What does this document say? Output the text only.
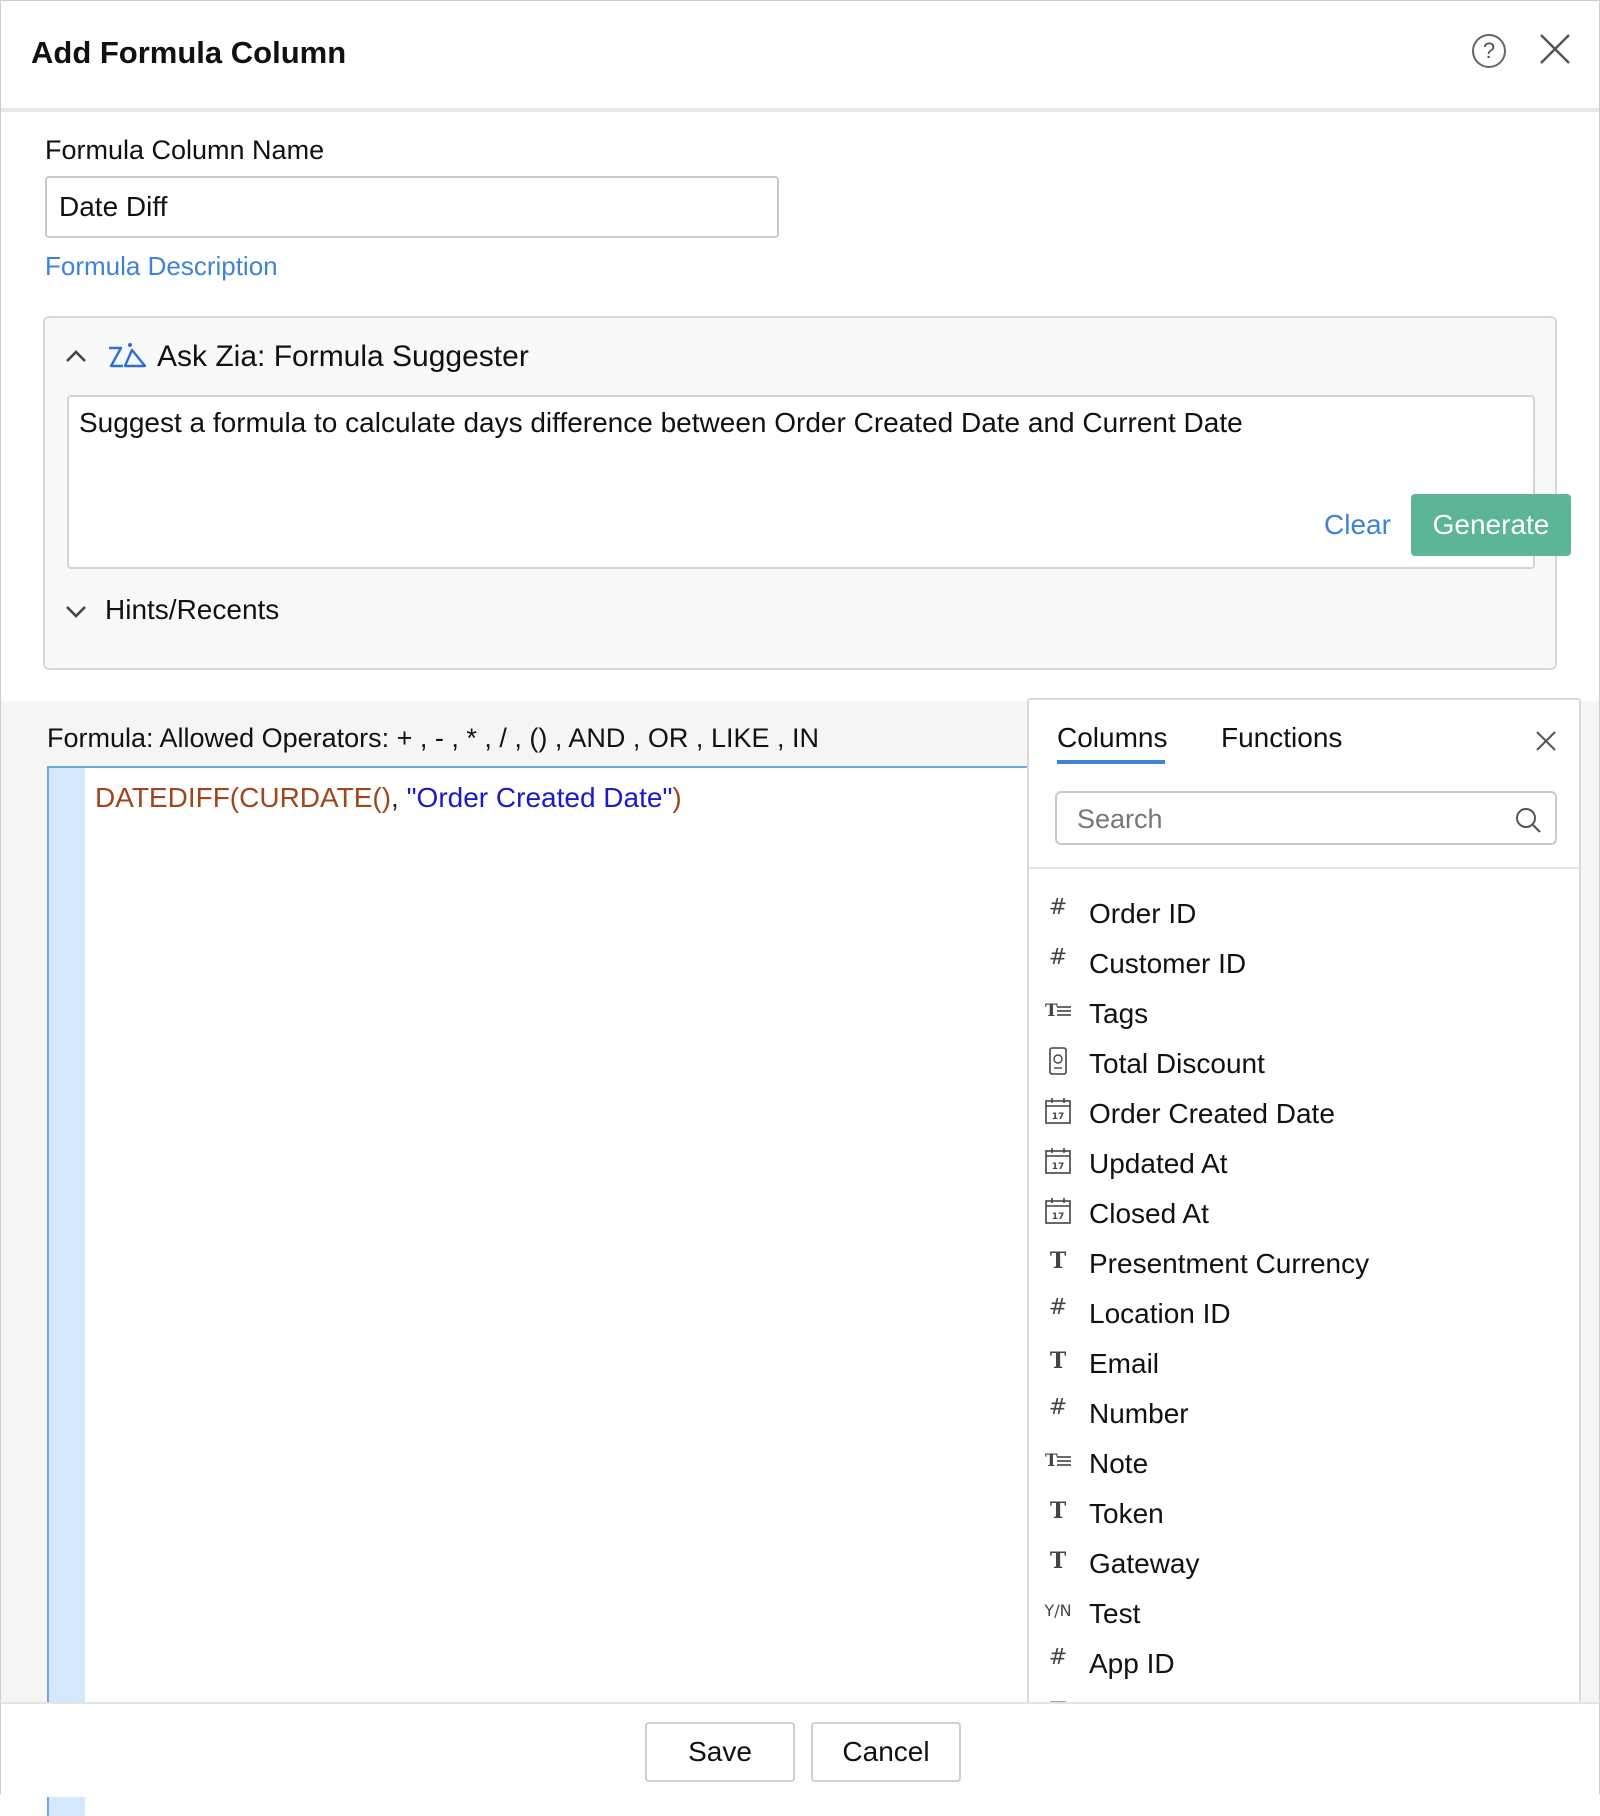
Add Formula Column	?
Formula Column Name
Date Diff
Formula Description
Ask Zia: Formula Suggester
Suggest a formula to calculate days difference between Order Created Date and Current Date
Clear	Generate
Hints/Recents
Formula: Allowed Operators: + , - , * , / , () , AND , OR , LIKE , IN
DATEDIFF(CURDATE(), "Order Created Date")
Columns Functions
Search
# Order ID
# Customer ID
T Tags
Total Discount
17 Order Created Date
17 Updated At
17 Closed At
T Presentment Currency
# Location ID
T Email
# Number
T Note
T Token
T Gateway
Y/N Test
# App ID
Save	Cancel
